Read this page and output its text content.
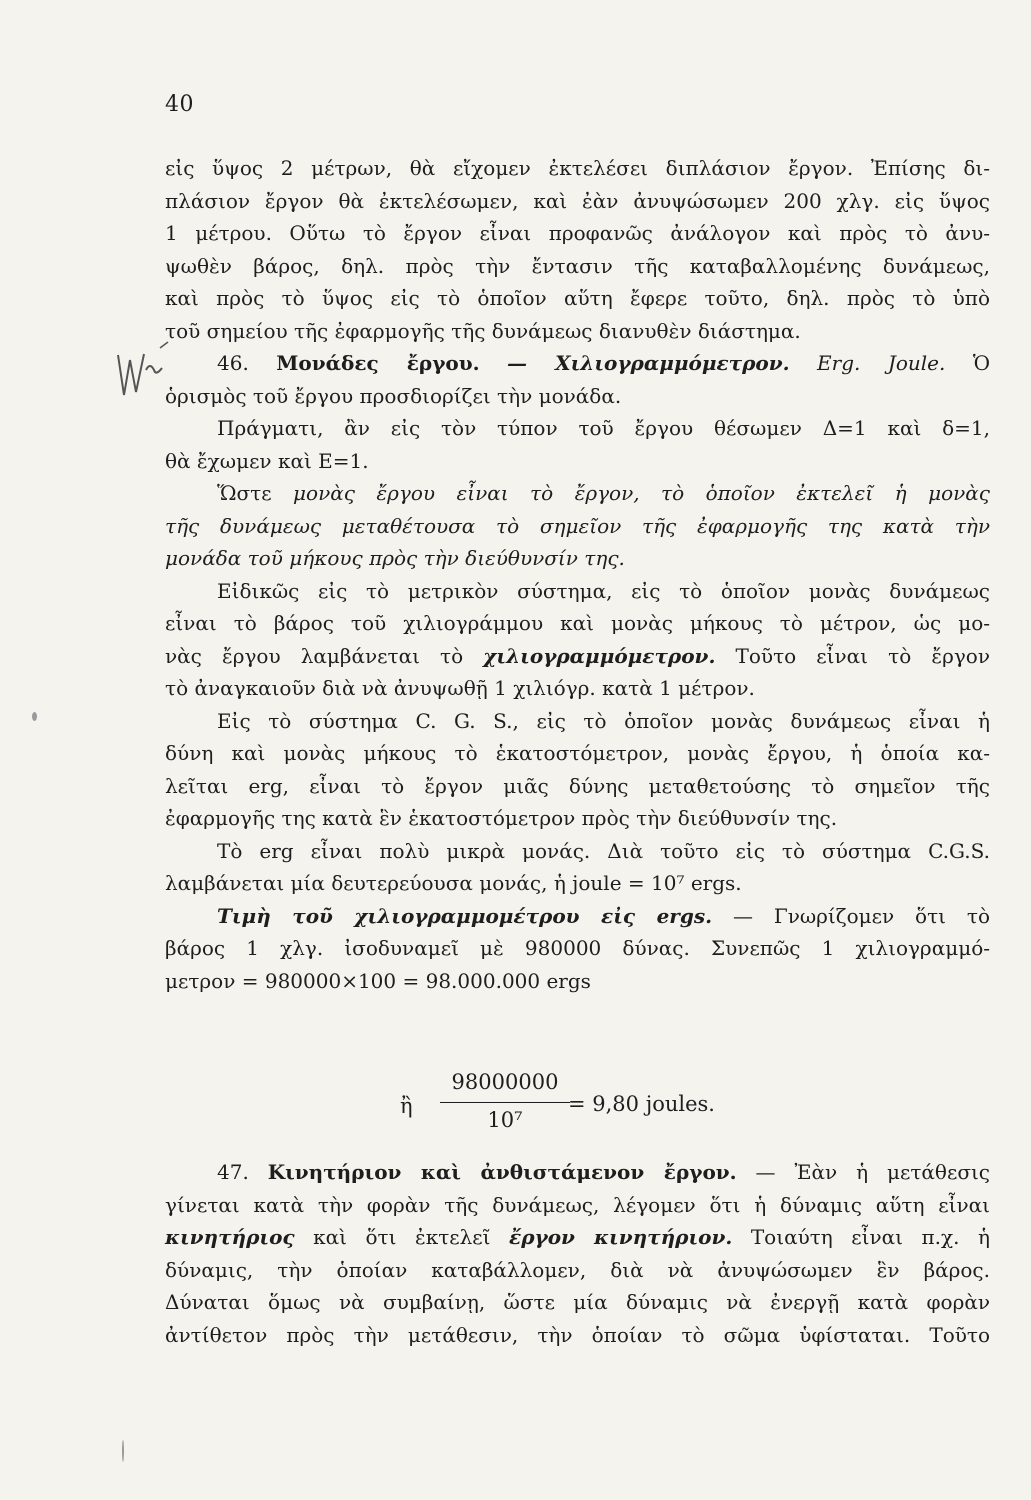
40
εἰς ὕψος 2 μέτρων, θὰ εἴχομεν ἐκτελέσει διπλάσιον ἔργον. Ἐπίσης δι-
πλάσιον ἔργον θὰ ἐκτελέσωμεν, καὶ ἐὰν ἀνυψώσωμεν 200 χλγ. εἰς ὕψος
1 μέτρου. Οὕτω τὸ ἔργον εἶναι προφανῶς ἀνάλογον καὶ πρὸς τὸ ἀνυ-
ψωθὲν βάρος, δηλ. πρὸς τὴν ἔντασιν τῆς καταβαλλομένης δυνάμεως,
καὶ πρὸς τὸ ὕψος εἰς τὸ ὁποῖον αὕτη ἔφερε τοῦτο, δηλ. πρὸς τὸ ὑπὸ
τοῦ σημείου τῆς ἐφαρμογῆς τῆς δυνάμεως διανυθὲν διάστημα.
46. Μονάδες ἔργου. — Χιλιογραμμόμετρον. Erg. Joule. Ὁ
ὁρισμὸς τοῦ ἔργου προσδιορίζει τὴν μονάδα.
Πράγματι, ἂν εἰς τὸν τύπον τοῦ ἔργου θέσωμεν Δ=1 καὶ δ=1,
θὰ ἔχωμεν καὶ Ε=1.
Ὥστε μονὰς ἔργου εἶναι τὸ ἔργον, τὸ ὁποῖον ἐκτελεῖ ἡ μονὰς
τῆς δυνάμεως μεταθέτουσα τὸ σημεῖον τῆς ἐφαρμογῆς της κατὰ τὴν
μονάδα τοῦ μήκους πρὸς τὴν διεύθυνσίν της.
Εἰδικῶς εἰς τὸ μετρικὸν σύστημα, εἰς τὸ ὁποῖον μονὰς δυνάμεως
εἶναι τὸ βάρος τοῦ χιλιογράμμου καὶ μονὰς μήκους τὸ μέτρον, ὡς μο-
νὰς ἔργου λαμβάνεται τὸ χιλιογραμμόμετρον. Τοῦτο εἶναι τὸ ἔργον
τὸ ἀναγκαιοῦν διὰ νὰ ἀνυψωθῇ 1 χιλιόγρ. κατὰ 1 μέτρον.
Εἰς τὸ σύστημα C. G. S., εἰς τὸ ὁποῖον μονὰς δυνάμεως εἶναι ἡ
δύνη καὶ μονὰς μήκους τὸ ἑκατοστόμετρον, μονὰς ἔργου, ἡ ὁποία κα-
λεῖται erg, εἶναι τὸ ἔργον μιᾶς δύνης μεταθετούσης τὸ σημεῖον τῆς
ἐφαρμογῆς της κατὰ ἓν ἑκατοστόμετρον πρὸς τὴν διεύθυνσίν της.
Τὸ erg εἶναι πολὺ μικρὰ μονάς. Διὰ τοῦτο εἰς τὸ σύστημα C.G.S.
λαμβάνεται μία δευτερεύουσα μονάς, ἡ joule = 10⁷ ergs.
Τιμὴ τοῦ χιλιογραμμομέτρου εἰς ergs. — Γνωρίζομεν ὅτι τὸ
βάρος 1 χλγ. ἰσοδυναμεῖ μὲ 980000 δύνας. Συνεπῶς 1 χιλιογραμμό-
μετρον = 980000×100 = 98.000.000 ergs
ἢ
98000000
10⁷
= 9,80 joules.
47. Κινητήριον καὶ ἀνθιστάμενον ἔργον. — Ἐὰν ἡ μετάθεσις
γίνεται κατὰ τὴν φορὰν τῆς δυνάμεως, λέγομεν ὅτι ἡ δύναμις αὕτη εἶναι
κινητήριος καὶ ὅτι ἐκτελεῖ ἔργον κινητήριον. Τοιαύτη εἶναι π.χ. ἡ
δύναμις, τὴν ὁποίαν καταβάλλομεν, διὰ νὰ ἀνυψώσωμεν ἓν βάρος.
Δύναται ὅμως νὰ συμβαίνῃ, ὥστε μία δύναμις νὰ ἐνεργῇ κατὰ φορὰν
ἀντίθετον πρὸς τὴν μετάθεσιν, τὴν ὁποίαν τὸ σῶμα ὑφίσταται. Τοῦτο
